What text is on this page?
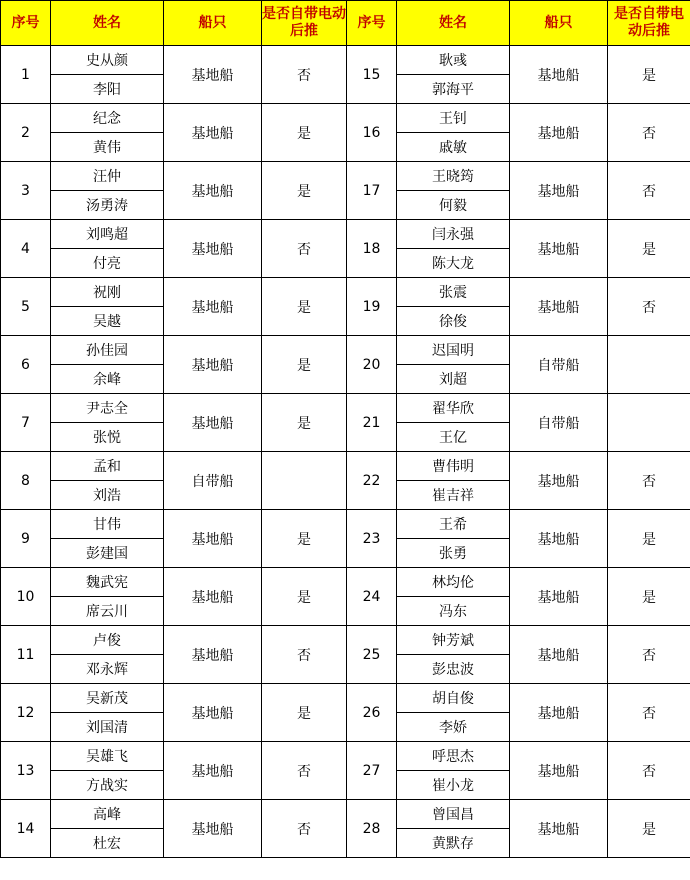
序号	姓名	船只	是否自带电动后推	序号	姓名	船只	是否自带电动后推
1	史从颜	基地船	否	15	耿彧	基地船	是
	李阳				郭海平		
2	纪念	基地船	是	16	王钊	基地船	否
	黄伟				戚敏		
3	汪仲	基地船	是	17	王晓筠	基地船	否
	汤勇涛				何毅		
4	刘鸣超	基地船	否	18	闫永强	基地船	是
	付亮				陈大龙		
5	祝刚	基地船	是	19	张震	基地船	否
	吴越				徐俊		
6	孙佳园	基地船	是	20	迟国明	自带船	
	余峰				刘超		
7	尹志全	基地船	是	21	翟华欣	自带船	
	张悦				王亿		
8	孟和	自带船		22	曹伟明	基地船	否
	刘浩				崔吉祥		
9	甘伟	基地船	是	23	王希	基地船	是
	彭建国				张勇		
10	魏武宪	基地船	是	24	林均伦	基地船	是
	席云川				冯东		
11	卢俊	基地船	否	25	钟芳斌	基地船	否
	邓永辉				彭忠波		
12	吴新茂	基地船	是	26	胡自俊	基地船	否
	刘国清				李娇		
13	吴雄飞	基地船	否	27	呼思杰	基地船	否
	方战实				崔小龙		
14	高峰	基地船	否	28	曾国昌	基地船	是
	杜宏				黄默存		
